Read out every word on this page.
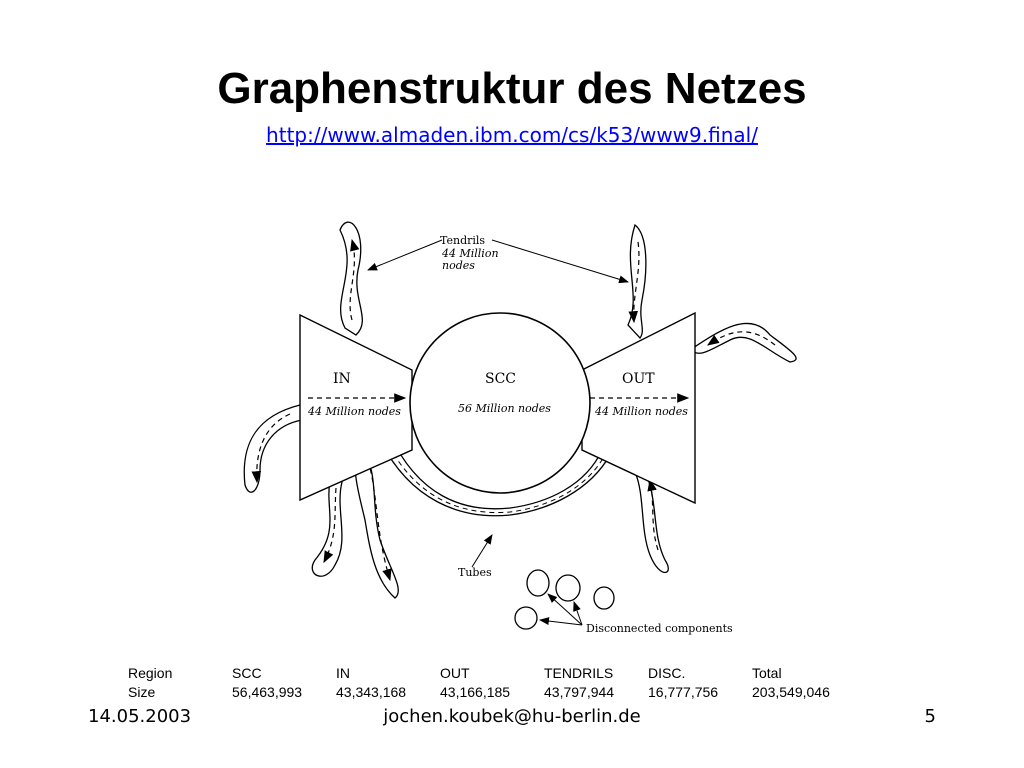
Graphenstruktur des Netzes
http://www.almaden.ibm.com/cs/k53/www9.final/
IN
44 Million nodes
SCC
56 Million nodes
OUT
44 Million nodes
Tendrils
44 Million
nodes
Tubes
Disconnected components
Region	SCC	IN	OUT	TENDRILS	DISC.	Total
Size	56,463,993	43,343,168	43,166,185	43,797,944	16,777,756	203,549,046
14.05.2003	jochen.koubek@hu-berlin.de	5
